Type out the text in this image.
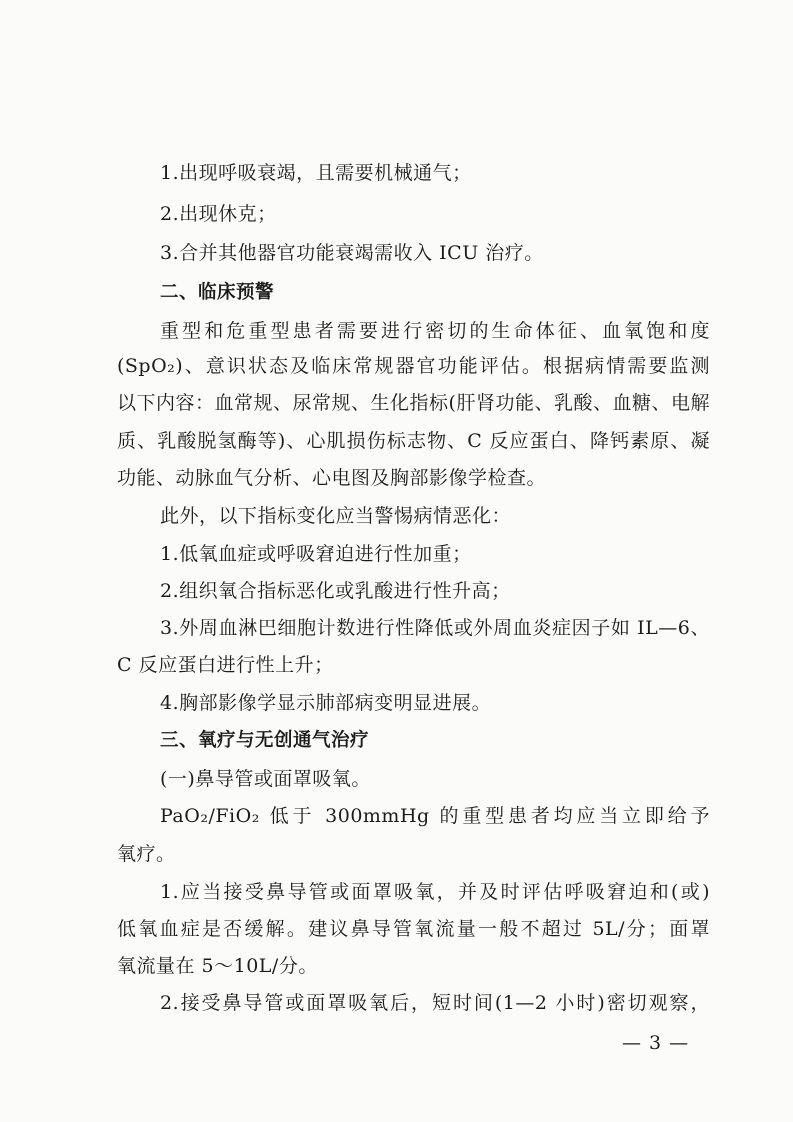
1.出现呼吸衰竭，且需要机械通气；
2.出现休克；
3.合并其他器官功能衰竭需收入 ICU 治疗。
二、临床预警
重型和危重型患者需要进行密切的生命体征、血氧饱和度
(SpO₂)、意识状态及临床常规器官功能评估。根据病情需要监测
以下内容：血常规、尿常规、生化指标(肝肾功能、乳酸、血糖、电解
质、乳酸脱氢酶等)、心肌损伤标志物、C 反应蛋白、降钙素原、凝
功能、动脉血气分析、心电图及胸部影像学检查。
此外，以下指标变化应当警惕病情恶化：
1.低氧血症或呼吸窘迫进行性加重；
2.组织氧合指标恶化或乳酸进行性升高；
3.外周血淋巴细胞计数进行性降低或外周血炎症因子如 IL—6、
C 反应蛋白进行性上升；
4.胸部影像学显示肺部病变明显进展。
三、氧疗与无创通气治疗
(一)鼻导管或面罩吸氧。
PaO₂/FiO₂ 低于 300mmHg 的重型患者均应当立即给予
氧疗。
1.应当接受鼻导管或面罩吸氧，并及时评估呼吸窘迫和(或)
低氧血症是否缓解。建议鼻导管氧流量一般不超过 5L/分；面罩
氧流量在 5～10L/分。
2.接受鼻导管或面罩吸氧后，短时间(1—2 小时)密切观察，
— 3 —
